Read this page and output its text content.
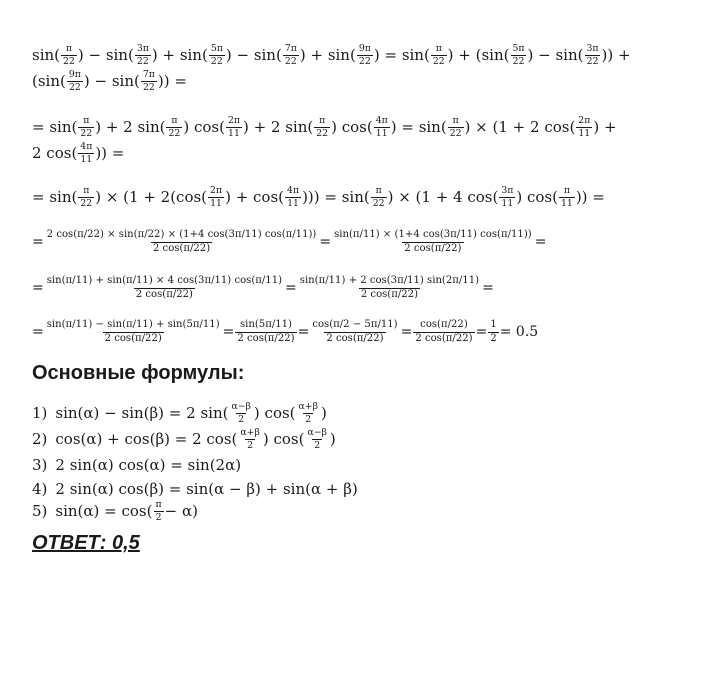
$\sin( \frac{\pi}{22}$ ) − $\sin( \frac{3\pi}{22}$ ) + $\sin( \frac{5\pi}{22}$ ) − $\sin( \frac{7\pi}{22}$ ) + $\sin( \frac{9\pi}{22}$ ) = $\sin( \frac{\pi}{22}$ ) + ($\sin( \frac{5\pi}{22}$ ) − $\sin( \frac{3\pi}{22}$ )) +
($\sin( \frac{9\pi}{22}$ ) − $\sin( \frac{7\pi}{22}$ )) =
= $\sin( \frac{\pi}{22}$ ) + 2 $\sin( \frac{\pi}{22}$ ) $\cos( \frac{2\pi}{11}$ ) + 2 $\sin( \frac{\pi}{22}$ ) $\cos( \frac{4\pi}{11}$ ) = $\sin( \frac{\pi}{22}$ ) × (1 + 2 $\cos( \frac{2\pi}{11}$ ) +
2 $\cos( \frac{4\pi}{11}$ )) =
= $\sin( \frac{\pi}{22}$ ) × ($1 + 2(\cos( \frac{2\pi}{11}$ ) + $\cos( \frac{4\pi}{11}$ ))) = $\sin( \frac{\pi}{22}$ ) × (1 + 4 $\cos( \frac{3\pi}{11}$ ) $\cos( \frac{\pi}{11}$ )) =
= $\frac{2 \cos(\pi/22) \times \sin(\pi/22) \times (1+4 \cos(3\pi/11) \cos(\pi/11))}{2 \cos(\pi/22)} = \frac{\sin(\pi/11) \times (1+4 \cos(3\pi/11) \cos(\pi/11))}{2 \cos(\pi/22)}$ =
= $\frac{\sin(\pi/11) + \sin(\pi/11) \times 4 \cos(3\pi/11) \cos(\pi/11)}{2 \cos(\pi/22)} = \frac{\sin(\pi/11) + 2 \cos(3\pi/11) \sin(2\pi/11)}{2 \cos(\pi/22)}$ =
= $\frac{\sin(\pi/11) - \sin(\pi/11) + \sin(5\pi/11)}{2 \cos(\pi/22)} = \frac{\sin(5\pi/11)}{2 \cos(\pi/22)} = \frac{\cos(\pi/2 - 5\pi/11)}{2 \cos(\pi/22)} = \frac{\cos(\pi/22)}{2 \cos(\pi/22)} = \frac{1}{2} = 0.5$
Основные формулы:
1) sin(α) − sin(β) = 2 $\sin( \frac{\alpha-\beta}{2}$ ) $\cos( \frac{\alpha+\beta}{2}$ )
2) cos(α) + cos(β) = 2 $\cos( \frac{\alpha+\beta}{2}$ ) $\cos( \frac{\alpha-\beta}{2}$ )
3) 2 sin(α) cos(α) = sin(2α)
4) 2 sin(α) cos(β) = sin(α − β) + sin(α + β)
5) $\sin(\alpha) = \cos( \frac{\pi}{2} - \alpha)$
ОТВЕТ: 0,5
